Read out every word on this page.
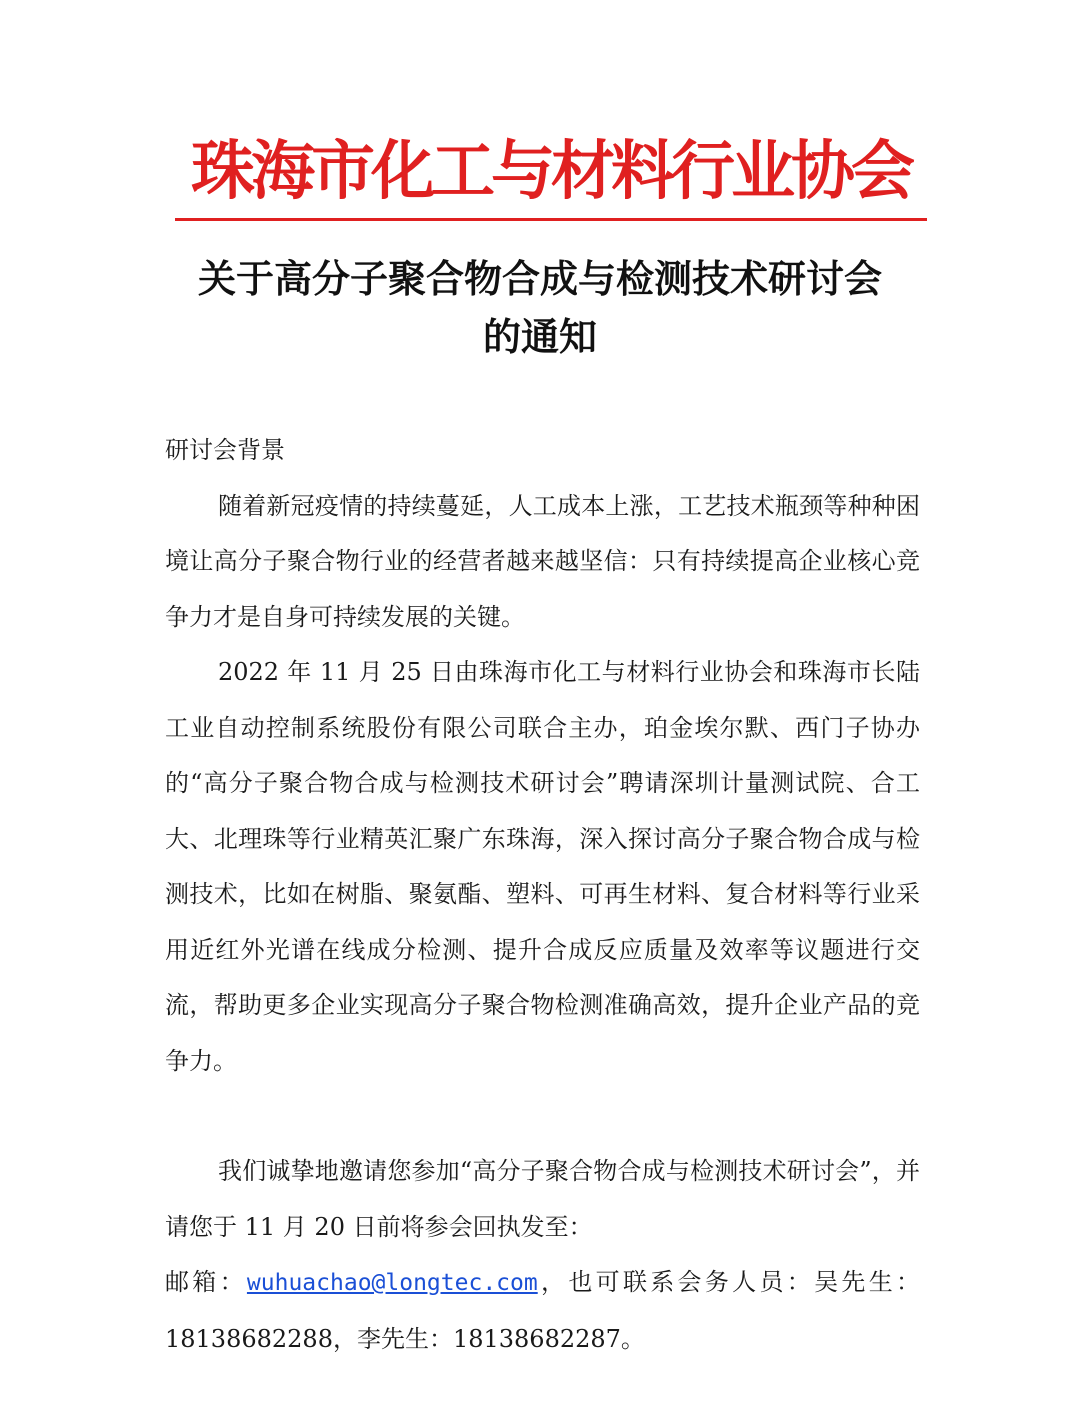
珠海市化工与材料行业协会
关于高分子聚合物合成与检测技术研讨会
的通知

研讨会背景

随着新冠疫情的持续蔓延，人工成本上涨，工艺技术瓶颈等种种困境让高分子聚合物行业的经营者越来越坚信：只有持续提高企业核心竞争力才是自身可持续发展的关键。

2022 年 11 月 25 日由珠海市化工与材料行业协会和珠海市长陆工业自动控制系统股份有限公司联合主办，珀金埃尔默、西门子协办的“高分子聚合物合成与检测技术研讨会”聘请深圳计量测试院、合工大、北理珠等行业精英汇聚广东珠海，深入探讨高分子聚合物合成与检测技术，比如在树脂、聚氨酯、塑料、可再生材料、复合材料等行业采用近红外光谱在线成分检测、提升合成反应质量及效率等议题进行交流，帮助更多企业实现高分子聚合物检测准确高效，提升企业产品的竞争力。

我们诚挚地邀请您参加“高分子聚合物合成与检测技术研讨会”，并请您于 11 月 20 日前将参会回执发至：

邮箱：wuhuachao@longtec.com，也可联系会务人员：吴先生：18138682288，李先生：18138682287。
